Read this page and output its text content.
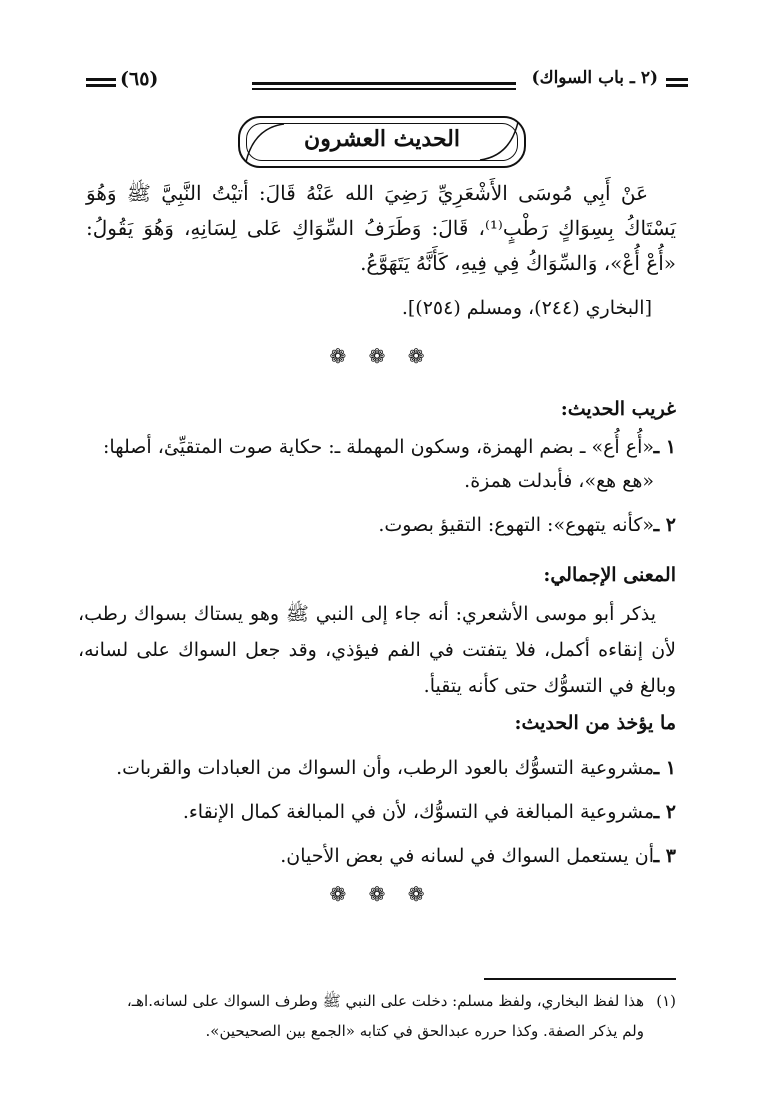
(٦٥)	(٢ ـ باب السواك)
الحديث العشرون

عَنْ أَبِي مُوسَى الأَشْعَرِيِّ رَضِيَ الله عَنْهُ قَالَ: أتيْتُ النَّبِيَّ ﷺ وَهُوَ يَسْتَاكُ بِسِوَاكٍ رَطْبٍ⁽¹⁾، قَالَ: وَطَرَفُ السِّوَاكِ عَلى لِسَانِهِ، وَهُوَ يَقُولُ: «أُعْ أُعْ»، وَالسِّوَاكُ فِي فِيهِ، كَأَنَّهُ يَتَهَوَّعُ.

[البخاري (٢٤٤)، ومسلم (٢٥٤)].
❁ ❁ ❁
غريب الحديث:
١ ـ
«أُع أُع» ـ بضم الهمزة، وسكون المهملة ـ: حكاية صوت المتقيِّئ، أصلها: «هع هع»، فأبدلت همزة.
٢ ـ
«كأنه يتهوع»: التهوع: التقيؤ بصوت.
المعنى الإجمالي:

يذكر أبو موسى الأشعري: أنه جاء إلى النبي ﷺ وهو يستاك بسواك رطب، لأن إنقاءه أكمل، فلا يتفتت في الفم فيؤذي، وقد جعل السواك على لسانه، وبالغ في التسوُّك حتى كأنه يتقيأ.

ما يؤخذ من الحديث:
١ ـ
مشروعية التسوُّك بالعود الرطب، وأن السواك من العبادات والقربات.
٢ ـ
مشروعية المبالغة في التسوُّك، لأن في المبالغة كمال الإنقاء.
٣ ـ
أن يستعمل السواك في لسانه في بعض الأحيان.
❁ ❁ ❁
(١)

هذا لفظ البخاري، ولفظ مسلم: دخلت على النبي ﷺ وطرف السواك على لسانه.اهـ،

ولم يذكر الصفة. وكذا حرره عبدالحق في كتابه «الجمع بين الصحيحين».
